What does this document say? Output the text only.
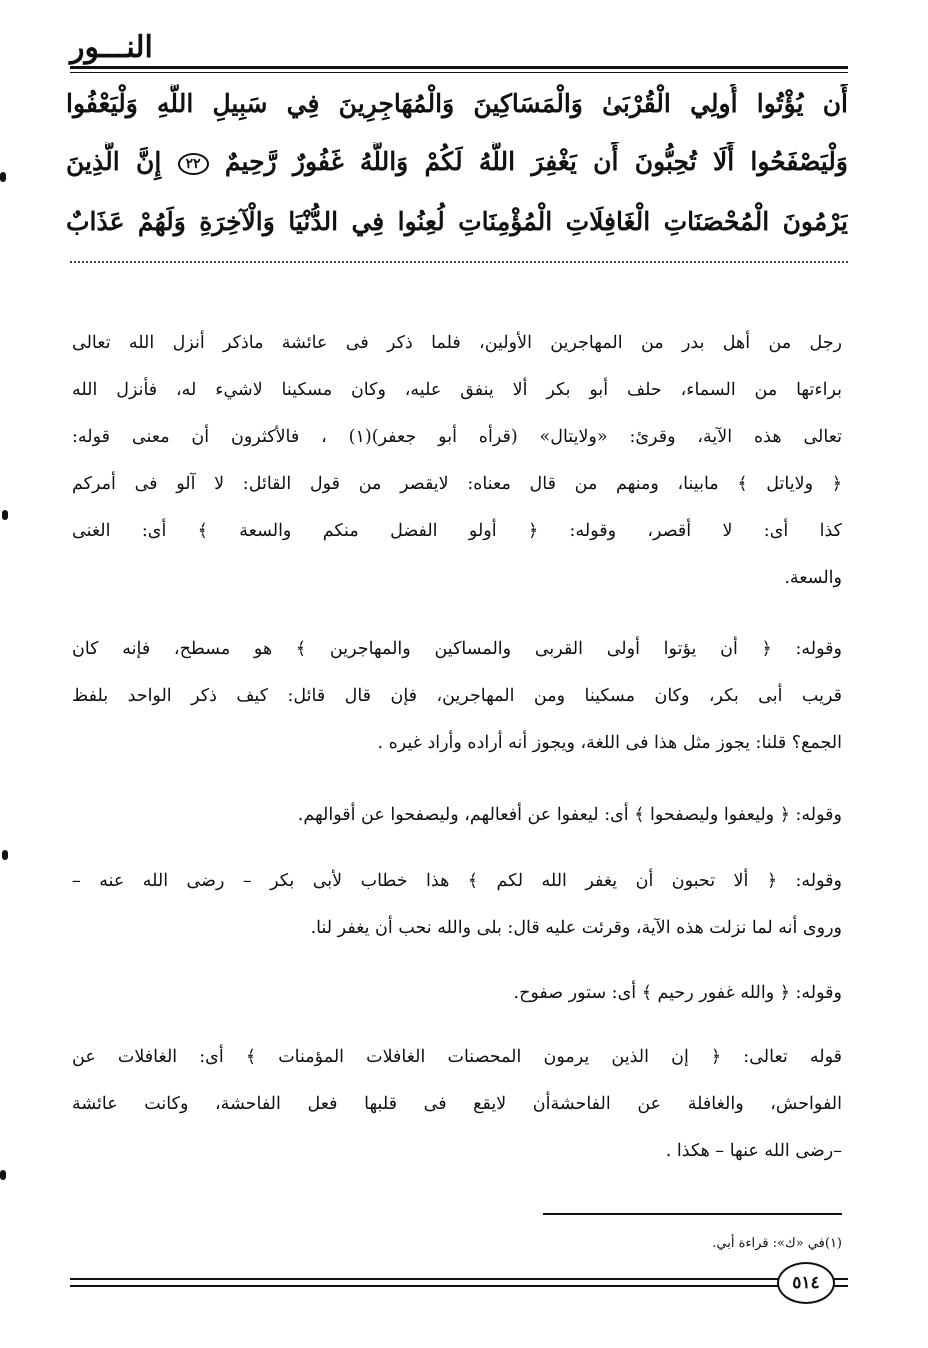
النـــور
أَن يُؤْتُوا أُولِي الْقُرْبَىٰ وَالْمَسَاكِينَ وَالْمُهَاجِرِينَ فِي سَبِيلِ اللَّهِ وَلْيَعْفُوا
وَلْيَصْفَحُوا أَلَا تُحِبُّونَ أَن يَغْفِرَ اللَّهُ لَكُمْ وَاللَّهُ غَفُورٌ رَّحِيمٌ ٢٢ إِنَّ الَّذِينَ
يَرْمُونَ الْمُحْصَنَاتِ الْغَافِلَاتِ الْمُؤْمِنَاتِ لُعِنُوا فِي الدُّنْيَا وَالْآخِرَةِ وَلَهُمْ عَذَابٌ
رجل من أهل بدر من المهاجرين الأولين، فلما ذكر فى عائشة ماذكر أنزل الله تعالى
براءتها من السماء، حلف أبو بكر ألا ينفق عليه، وكان مسكينا لاشيء له، فأنزل الله
تعالى هذه الآية، وقرئ: «ولايتال» (قرأه أبو جعفر)(١) ، فالأكثرون أن معنى قوله:
﴿ ولاياتل ﴾ مابينا، ومنهم من قال معناه: لايقصر من قول القائل: لا آلو فى أمركم
كذا أى: لا أقصر، وقوله: ﴿ أولو الفضل منكم والسعة ﴾ أى: الغنى
والسعة.
وقوله: ﴿ أن يؤتوا أولى القربى والمساكين والمهاجرين ﴾ هو مسطح، فإنه كان
قريب أبى بكر، وكان مسكينا ومن المهاجرين، فإن قال قائل: كيف ذكر الواحد بلفظ
الجمع؟ قلنا: يجوز مثل هذا فى اللغة، ويجوز أنه أراده وأراد غيره .
وقوله: ﴿ وليعفوا وليصفحوا ﴾ أى: ليعفوا عن أفعالهم، وليصفحوا عن أقوالهم.
وقوله: ﴿ ألا تحبون أن يغفر الله لكم ﴾ هذا خطاب لأبى بكر – رضى الله عنه –
وروى أنه لما نزلت هذه الآية، وقرئت عليه قال: بلى والله نحب أن يغفر لنا.
وقوله: ﴿ والله غفور رحيم ﴾ أى: ستور صفوح.
قوله تعالى: ﴿ إن الذين يرمون المحصنات الغافلات المؤمنات ﴾ أى: الغافلات عن
الفواحش، والغافلة عن الفاحشةأن لايقع فى قلبها فعل الفاحشة، وكانت عائشة
–رضى الله عنها – هكذا .
(١)في «ك»: قراءة أبي.
٥١٤
